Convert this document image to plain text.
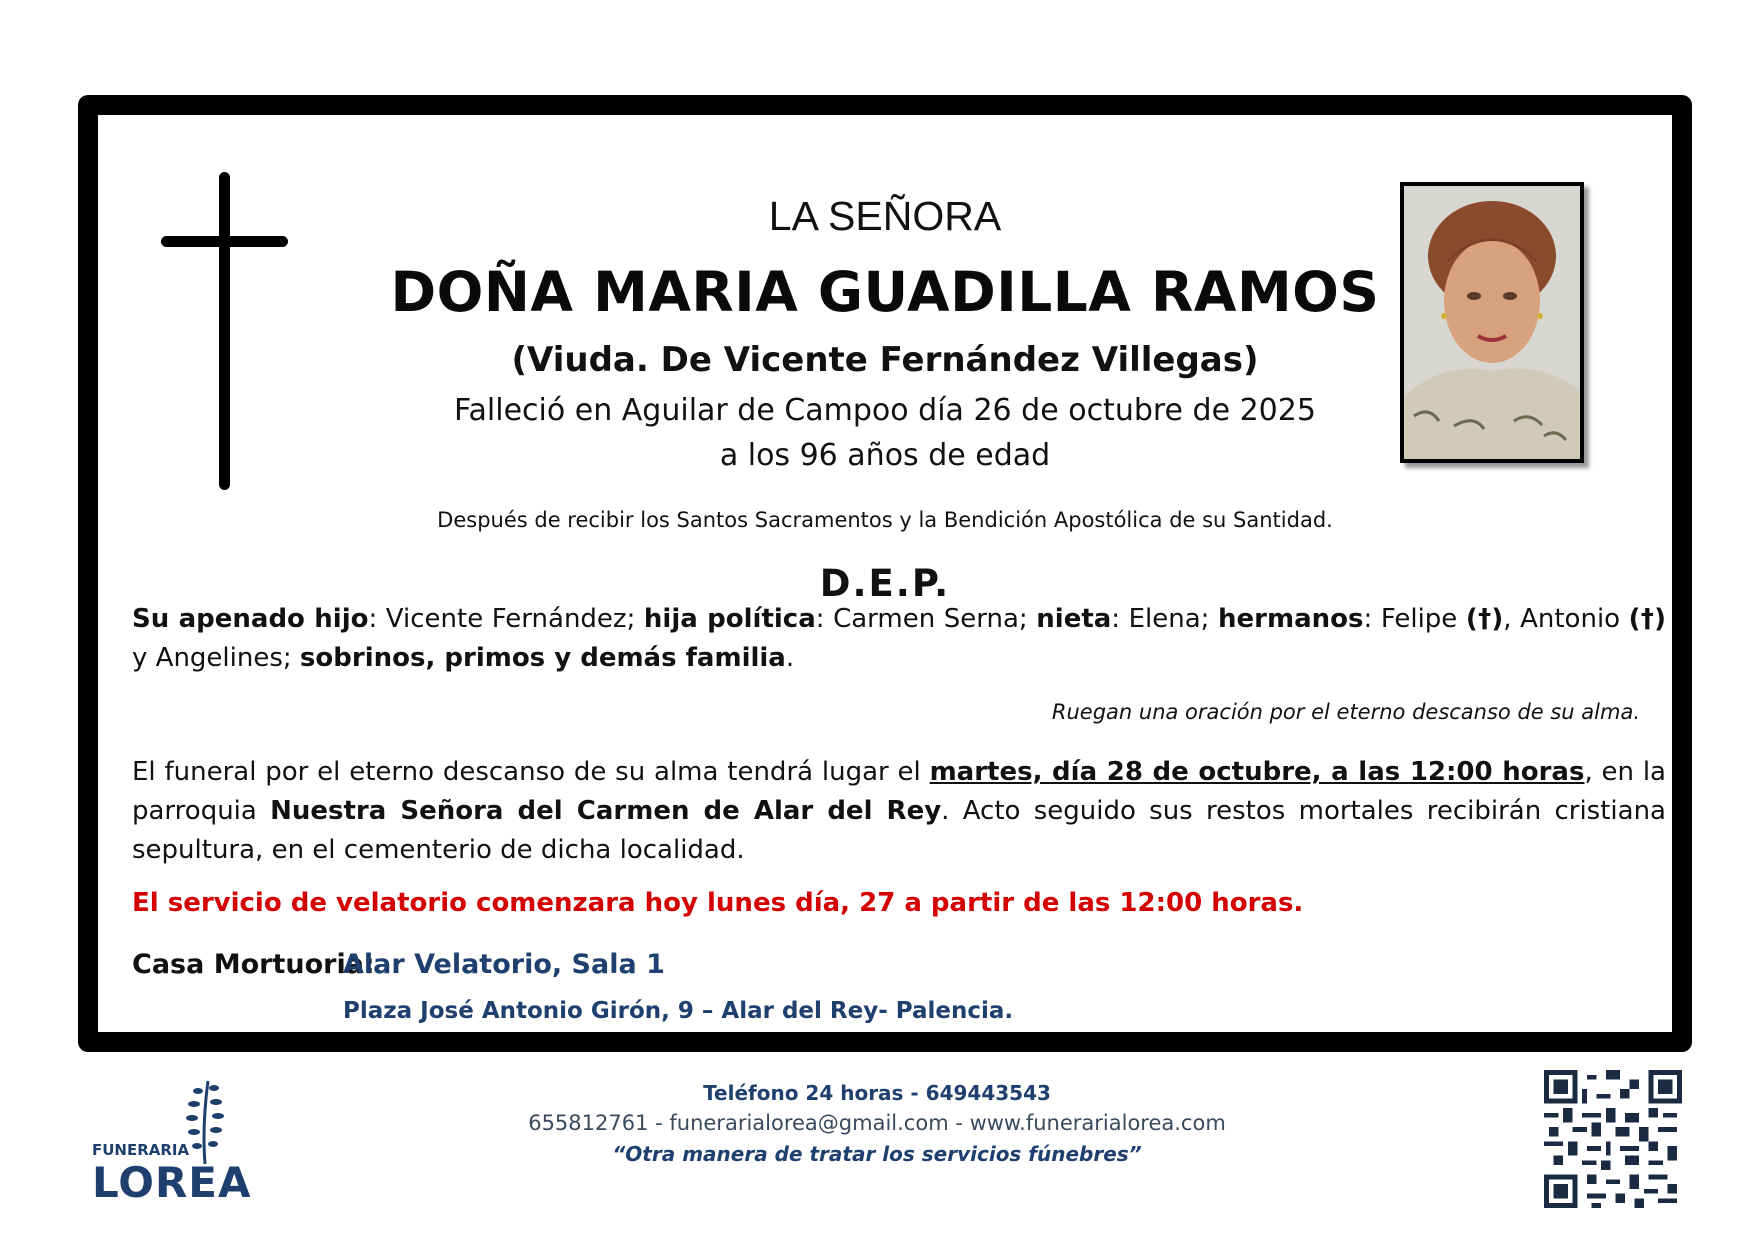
LA SEÑORA
DOÑA MARIA GUADILLA RAMOS
(Viuda. De Vicente Fernández Villegas)
Falleció en Aguilar de Campoo día 26 de octubre de 2025
a los 96 años de edad
Después de recibir los Santos Sacramentos y la Bendición Apostólica de su Santidad.
D.E.P.
Su apenado hijo: Vicente Fernández; hija política: Carmen Serna; nieta: Elena; hermanos: Felipe (†), Antonio (†) y Angelines; sobrinos, primos y demás familia.
Ruegan una oración por el eterno descanso de su alma.
El funeral por el eterno descanso de su alma tendrá lugar el martes, día 28 de octubre, a las 12:00 horas, en la parroquia Nuestra Señora del Carmen de Alar del Rey. Acto seguido sus restos mortales recibirán cristiana sepultura, en el cementerio de dicha localidad.
El servicio de velatorio comenzara hoy lunes día, 27 a partir de las 12:00 horas.
Casa Mortuoria:
Alar Velatorio, Sala 1
Plaza José Antonio Girón, 9 – Alar del Rey- Palencia.
FUNERARIA
LOREA
Teléfono 24 horas - 649443543
655812761 - funerarialorea@gmail.com - www.funerarialorea.com
“Otra manera de tratar los servicios fúnebres”
